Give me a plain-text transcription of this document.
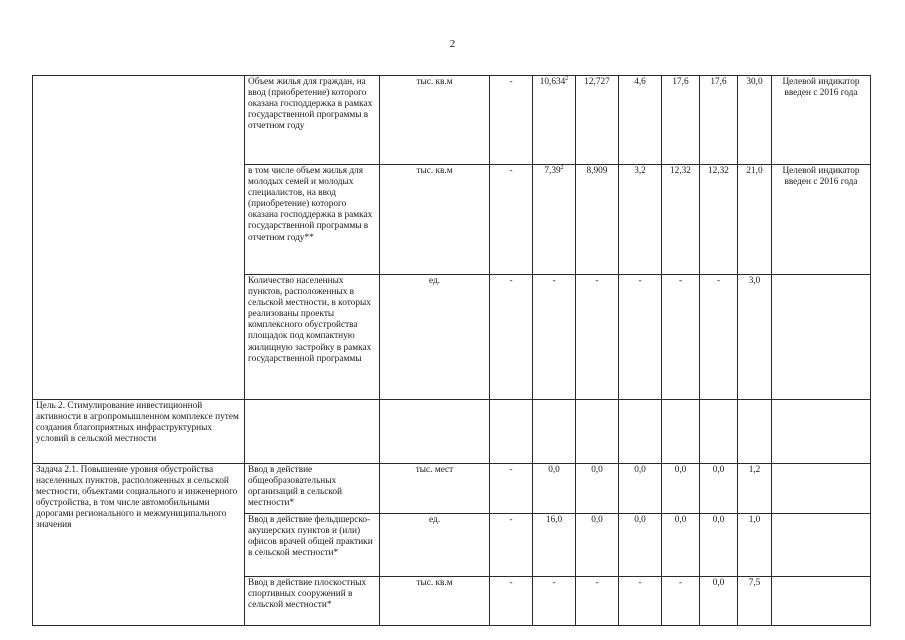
2
	Объем жилья для граждан, на ввод (приобретение) которого оказана господдержка в рамках государственной программы в отчетном году	тыс. кв.м	-	10,634$^2$	12,727	4,6	17,6	17,6	30,0	Целевой индикатор введен с 2016 года
	в том числе объем жилья для молодых семей и молодых специалистов, на ввод (приобретение) которого оказана господдержка в рамках государственной программы в отчетном году**	тыс. кв.м	-	7,39$^2$	8,909	3,2	12,32	12,32	21,0	Целевой индикатор введен с 2016 года
	Количество населенных пунктов, расположенных в сельской местности, в которых реализованы проекты комплексного обустройства площадок под компактную жилищную застройку в рамках государственной программы	ед.	-	-	-	-	-	-	3,0	
Цель 2. Стимулирование инвестиционной активности в агропромышленном комплексе путем создания благоприятных инфраструктурных условий в сельской местности										
Задача 2.1. Повышение уровня обустройства населенных пунктов, расположенных в сельской местности, объектами социального и инженерного обустройства, в том числе автомобильными дорогами регионального и межмуниципального значения	Ввод в действие общеобразовательных организаций в сельской местности*	тыс. мест	-	0,0	0,0	0,0	0,0	0,0	1,2	
	Ввод в действие фельдшерско-акушерских пунктов и (или) офисов врачей общей практики в сельской местности*	ед.	-	16,0	0,0	0,0	0,0	0,0	1,0	
	Ввод в действие плоскостных спортивных сооружений в сельской местности*	тыс. кв.м	-	-	-	-	-	0,0	7,5	
